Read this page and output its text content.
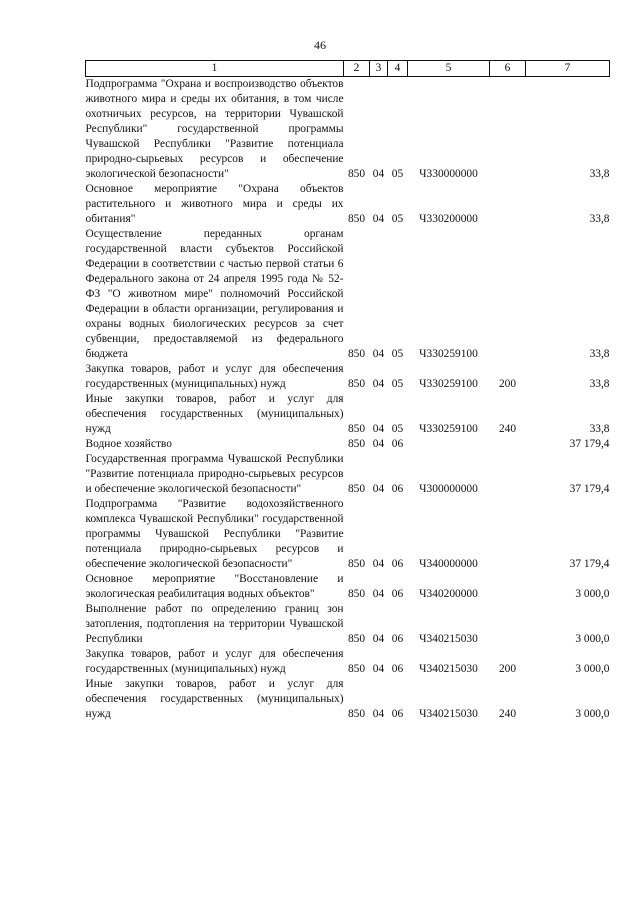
46
1	2	3	4	5	6	7

Подпрограмма "Охрана и воспроизводство объектов животного мира и среды их обитания, в том числе охотничьих ресурсов, на территории Чувашской Республики" государственной программы Чувашской Республики "Развитие потенциала природно-сырьевых ресурсов и обеспечение экологической безопасности"	850	04	05	Ч330000000		33,8

Основное мероприятие "Охрана объектов растительного и животного мира и среды их обитания"	850	04	05	Ч330200000		33,8

Осуществление переданных органам государственной власти субъектов Российской Федерации в соответствии с частью первой статьи 6 Федерального закона от 24 апреля 1995 года № 52-ФЗ "О животном мире" полномочий Российской Федерации в области организации, регулирования и охраны водных биологических ресурсов за счет субвенции, предоставляемой из федерального бюджета	850	04	05	Ч330259100		33,8

Закупка товаров, работ и услуг для обеспечения государственных (муниципальных) нужд	850	04	05	Ч330259100	200	33,8

Иные закупки товаров, работ и услуг для обеспечения государственных (муниципальных) нужд	850	04	05	Ч330259100	240	33,8

Водное хозяйство	850	04	06			37 179,4

Государственная программа Чувашской Республики "Развитие потенциала природно-сырьевых ресурсов и обеспечение экологической безопасности"	850	04	06	Ч300000000		37 179,4

Подпрограмма "Развитие водохозяйственного комплекса Чувашской Республики" государственной программы Чувашской Республики "Развитие потенциала природно-сырьевых ресурсов и обеспечение экологической безопасности"	850	04	06	Ч340000000		37 179,4

Основное мероприятие "Восстановление и экологическая реабилитация водных объектов"	850	04	06	Ч340200000		3 000,0

Выполнение работ по определению границ зон затопления, подтопления на территории Чувашской Республики	850	04	06	Ч340215030		3 000,0

Закупка товаров, работ и услуг для обеспечения государственных (муниципальных) нужд	850	04	06	Ч340215030	200	3 000,0

Иные закупки товаров, работ и услуг для обеспечения государственных (муниципальных) нужд	850	04	06	Ч340215030	240	3 000,0
